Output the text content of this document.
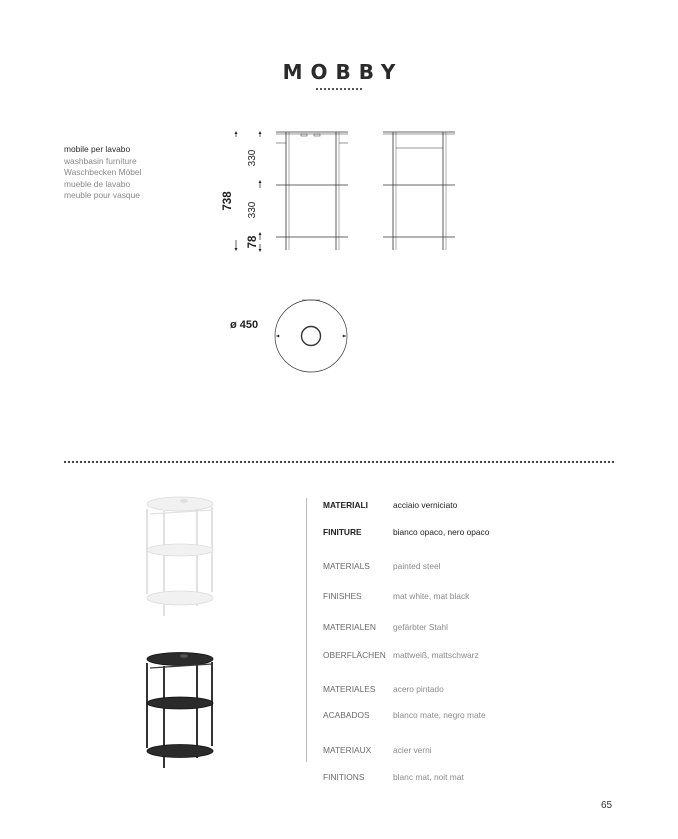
MOBBY
mobile per lavabo
washbasin furniture
Waschbecken Möbel
mueble de lavabo
meuble pour vasque	738
330
330
78
ø 450
MATERIALI	acciaio verniciato
FINITURE	bianco opaco, nero opaco
MATERIALS	painted steel
FINISHES	mat white, mat black
MATERIALEN gefärbter Stahl
OBERFLÄCHEN mattweiß, mattschwarz
MATERIALES acero pintado
ACABADOS	blanco mate, negro mate
MATERIAUX	acier verni
FINITIONS	blanc mat, noit mat
65
